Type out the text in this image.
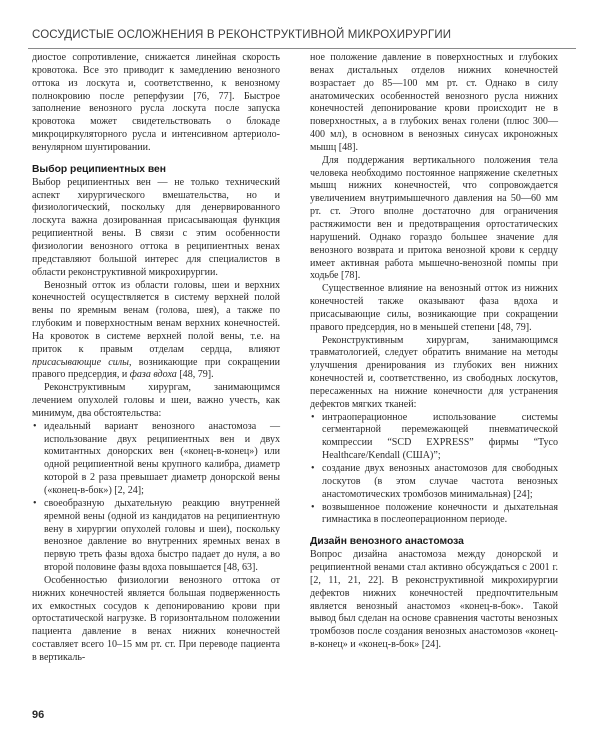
СОСУДИСТЫЕ ОСЛОЖНЕНИЯ В РЕКОНСТРУКТИВНОЙ МИКРОХИРУРГИИ

диостое сопротивление, снижается линейная скорость кровотока. Все это приводит к замедлению венозного оттока из лоскута и, соответственно, к венозному полнокровию после реперфузии [76, 77]. Быстрое заполнение венозного русла лоскута после запуска кровотока может свидетельствовать о блокаде микроциркуляторного русла и интенсивном артериоло-венулярном шунтировании.

Выбор реципиентных вен

Выбор реципиентных вен — не только технический аспект хирургического вмешательства, но и физиологический, поскольку для денервированного лоскута важна дозированная присасывающая функция реципиентной вены. В связи с этим особенности физиологии венозного оттока в реципиентных венах представляют большой интерес для специалистов в области реконструктивной микрохирургии.

Венозный отток из области головы, шеи и верхних конечностей осуществляется в систему верхней полой вены по яремным венам (голова, шея), а также по глубоким и поверхностным венам верхних конечностей. На кровоток в системе верхней полой вены, т.е. на приток к правым отделам сердца, влияют присасывающие силы, возникающие при сокращении правого предсердия, и фаза вдоха [48, 79].

Реконструктивным хирургам, занимающимся лечением опухолей головы и шеи, важно учесть, как минимум, два обстоятельства:

• идеальный вариант венозного анастомоза — использование двух реципиентных вен и двух комитантных донорских вен («конец-в-конец») или одной реципиентной вены крупного калибра, диаметр которой в 2 раза превышает диаметр донорской вены («конец-в-бок») [2, 24];
• своеобразную дыхательную реакцию внутренней яремной вены (одной из кандидатов на реципиентную вену в хирургии опухолей головы и шеи), поскольку венозное давление во внутренних яремных венах в первую треть фазы вдоха быстро падает до нуля, а во второй половине фазы вдоха повышается [48, 63].

Особенностью физиологии венозного оттока от нижних конечностей является большая подверженность их емкостных сосудов к депонированию крови при ортостатической нагрузке. В горизонтальном положении пациента давление в венах нижних конечностей составляет всего 10–15 мм рт. ст. При переводе пациента в вертикаль-

ное положение давление в поверхностных и глубоких венах дистальных отделов нижних конечностей возрастает до 85—100 мм рт. ст. Однако в силу анатомических особенностей венозного русла нижних конечностей депонирование крови происходит не в поверхностных, а в глубоких венах голени (плюс 300—400 мл), в основном в венозных синусах икроножных мышц [48].

Для поддержания вертикального положения тела человека необходимо постоянное напряжение скелетных мышц нижних конечностей, что сопровождается увеличением внутримышечного давления на 50—60 мм рт. ст. Этого вполне достаточно для ограничения растяжимости вен и предотвращения ортостатических нарушений. Однако гораздо большее значение для венозного возврата и притока венозной крови к сердцу имеет активная работа мышечно-венозной помпы при ходьбе [78].

Существенное влияние на венозный отток из нижних конечностей также оказывают фаза вдоха и присасывающие силы, возникающие при сокращении правого предсердия, но в меньшей степени [48, 79].

Реконструктивным хирургам, занимающимся травматологией, следует обратить внимание на методы улучшения дренирования из глубоких вен нижних конечностей и, соответственно, из свободных лоскутов, пересаженных на нижние конечности для устранения дефектов мягких тканей:

• интраоперационное использование системы сегментарной перемежающей пневматической компрессии “SCD EXPRESS” фирмы “Tyco Healthcare/Kendall (США)”;
• создание двух венозных анастомозов для свободных лоскутов (в этом случае частота венозных анастомотических тромбозов минимальная) [24];
• возвышенное положение конечности и дыхательная гимнастика в послеоперационном периоде.
Дизайн венозного анастомоза

Вопрос дизайна анастомоза между донорской и реципиентной венами стал активно обсуждаться с 2001 г. [2, 11, 21, 22]. В реконструктивной микрохирургии дефектов нижних конечностей предпочтительным является венозный анастомоз «конец-в-бок». Такой вывод был сделан на основе сравнения частоты венозных тромбозов после создания венозных анастомозов «конец-в-конец» и «конец-в-бок» [24].

96
